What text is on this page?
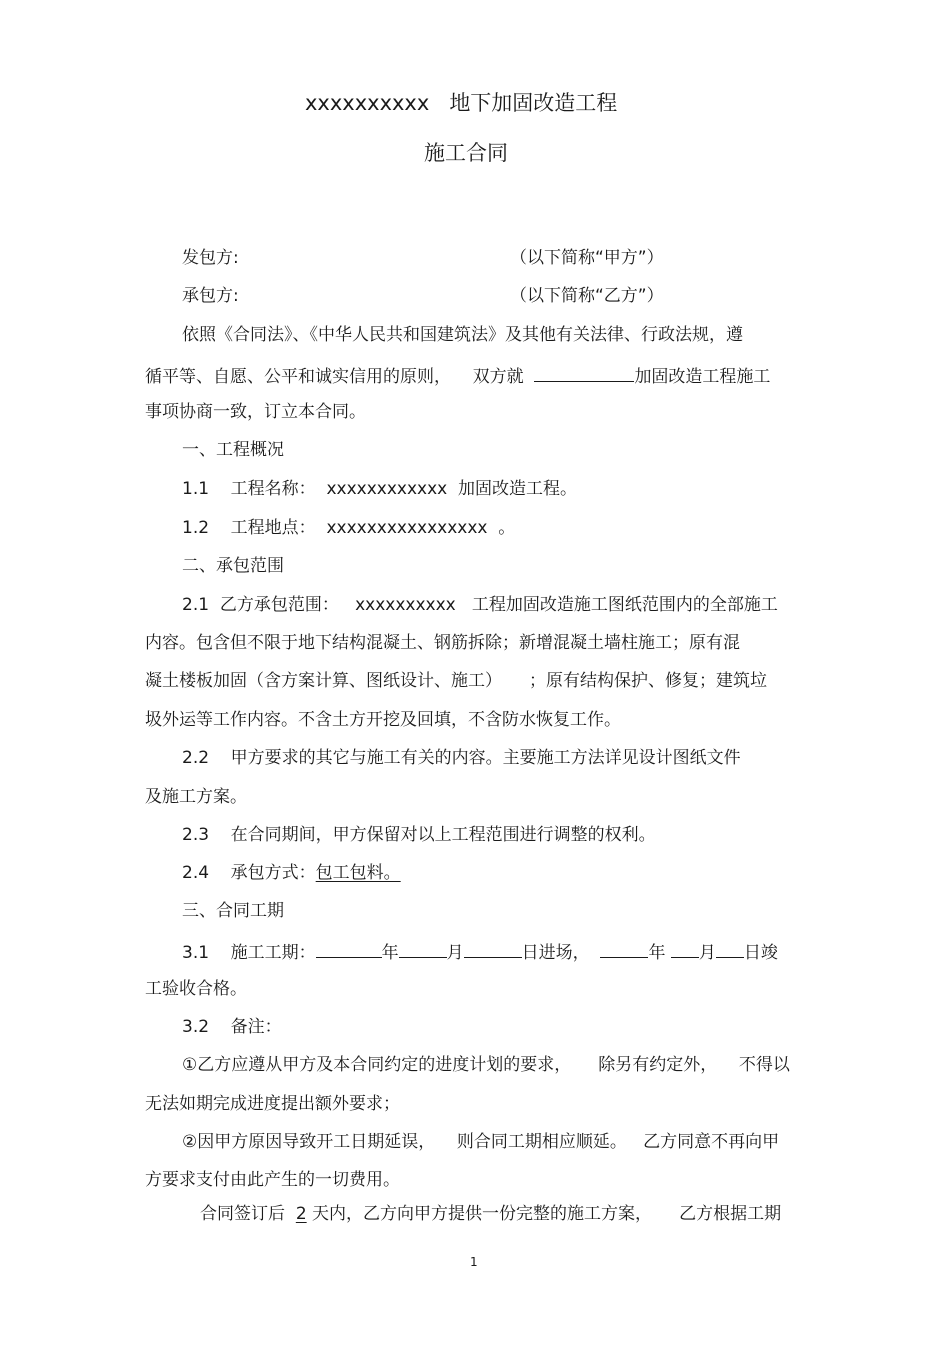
xxxxxxxxxx 地下加固改造工程
施工合同
发包方:	（以下简称“甲方”）
承包方:	（以下简称“乙方”）
依照《合同法》、《中华人民共和国建筑法》及其他有关法律、行政法规，遵
循平等、自愿、公平和诚实信用的原则， 双方就	加固改造工程施工
事项协商一致，订立本合同。
一、工程概况
1.1 工程名称： xxxxxxxxxxxx  加固改造工程。
1.2 工程地点： xxxxxxxxxxxxxxxx  。
二、承包范围
2.1 乙方承包范围： xxxxxxxxxx 工程加固改造施工图纸范围内的全部施工
内容。包含但不限于地下结构混凝土、钢筋拆除；新增混凝土墙柱施工；原有混
凝土楼板加固（含方案计算、图纸设计、施工） ；原有结构保护、修复；建筑垃
圾外运等工作内容。不含土方开挖及回填，不含防水恢复工作。
2.2 甲方要求的其它与施工有关的内容。主要施工方法详见设计图纸文件
及施工方案。
2.3 在合同期间，甲方保留对以上工程范围进行调整的权利。
2.4 承包方式：包工包料。
三、合同工期
3.1 施工工期：	年	月	日进场，	年 月 日竣
工验收合格。
3.2 备注：
①乙方应遵从甲方及本合同约定的进度计划的要求， 除另有约定外， 不得以
无法如期完成进度提出额外要求；
②因甲方原因导致开工日期延误， 则合同工期相应顺延。 乙方同意不再向甲
方要求支付由此产生的一切费用。
合同签订后 2 天内，乙方向甲方提供一份完整的施工方案， 乙方根据工期
1
